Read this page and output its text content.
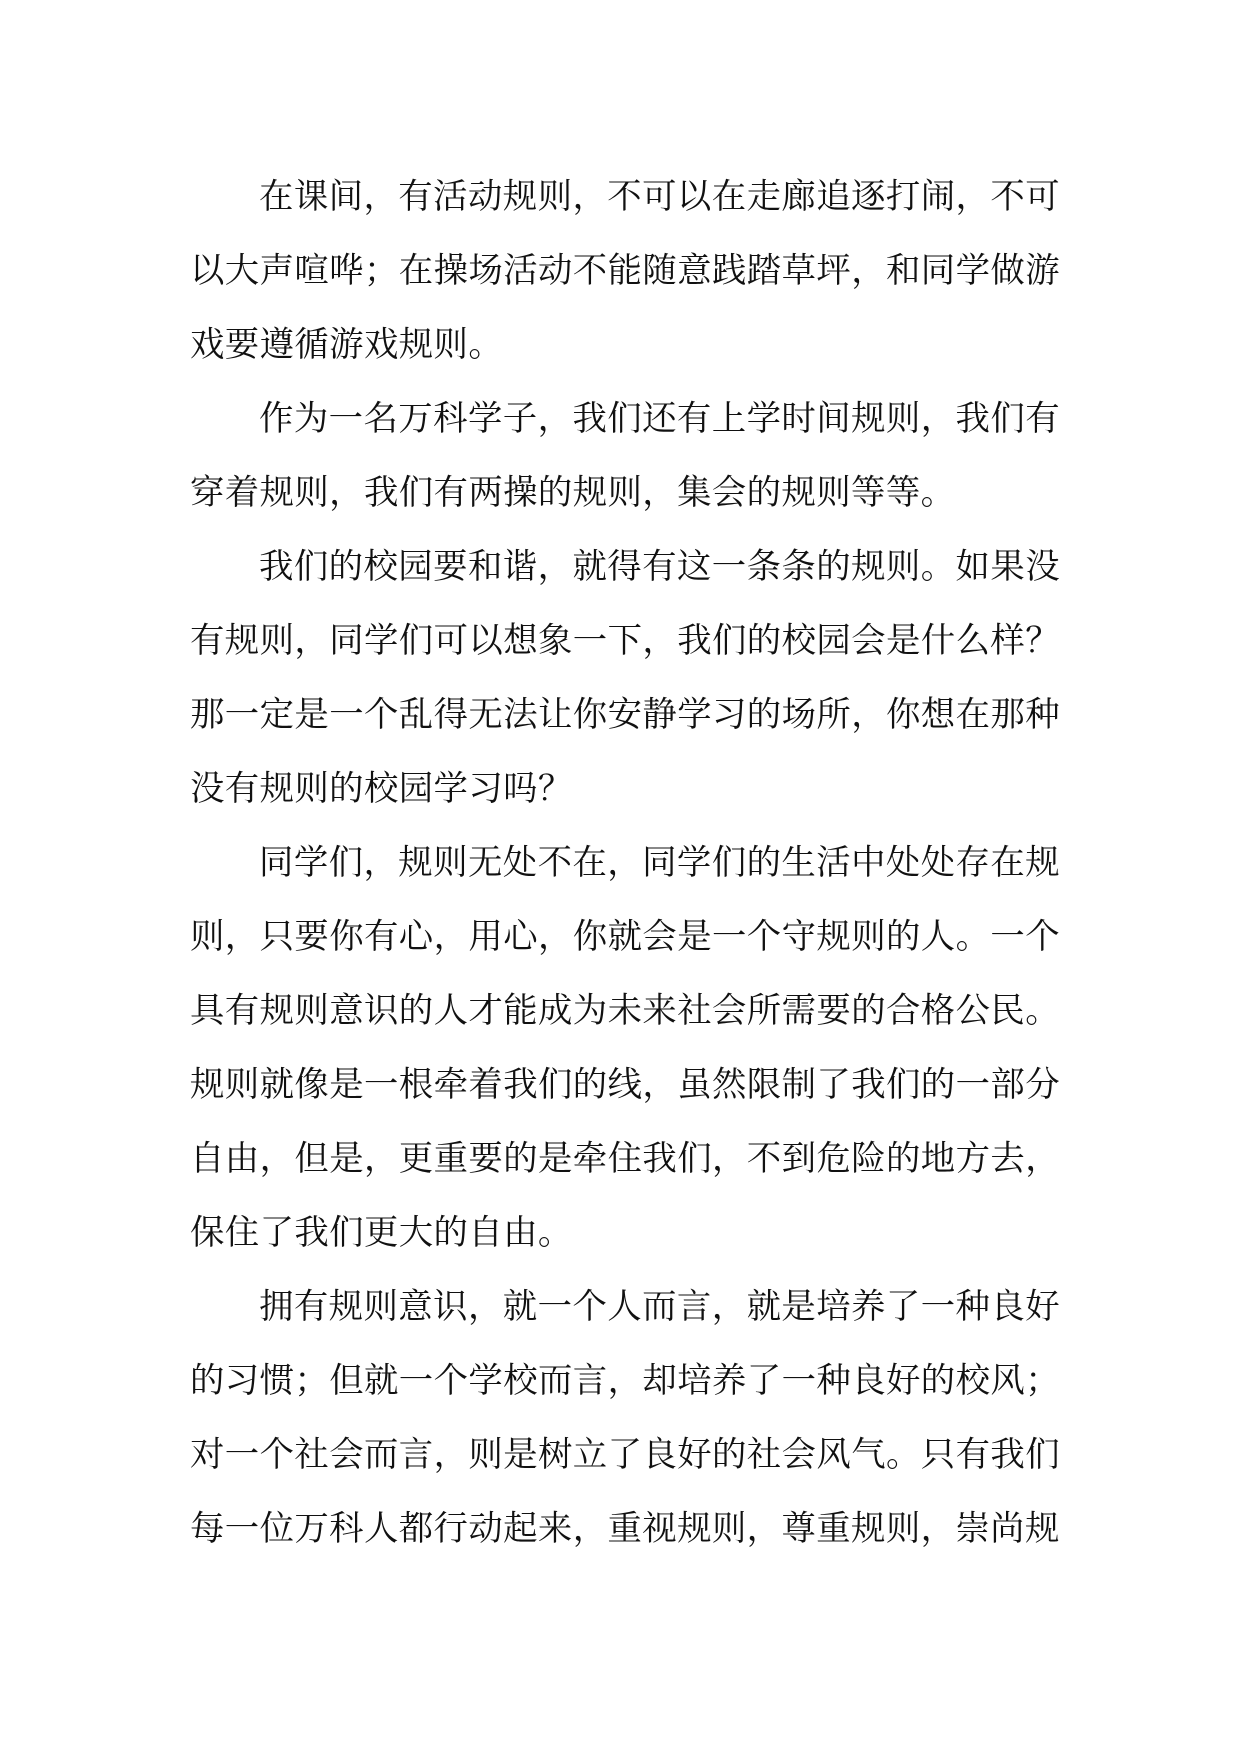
在课间，有活动规则，不可以在走廊追逐打闹，不可以大声喧哗；在操场活动不能随意践踏草坪，和同学做游戏要遵循游戏规则。

作为一名万科学子，我们还有上学时间规则，我们有穿着规则，我们有两操的规则，集会的规则等等。

我们的校园要和谐，就得有这一条条的规则。如果没有规则，同学们可以想象一下，我们的校园会是什么样？那一定是一个乱得无法让你安静学习的场所，你想在那种没有规则的校园学习吗？

同学们，规则无处不在，同学们的生活中处处存在规则，只要你有心，用心，你就会是一个守规则的人。一个具有规则意识的人才能成为未来社会所需要的合格公民。规则就像是一根牵着我们的线，虽然限制了我们的一部分自由，但是，更重要的是牵住我们，不到危险的地方去，保住了我们更大的自由。

拥有规则意识，就一个人而言，就是培养了一种良好的习惯；但就一个学校而言，却培养了一种良好的校风；对一个社会而言，则是树立了良好的社会风气。只有我们每一位万科人都行动起来，重视规则，尊重规则，崇尚规
